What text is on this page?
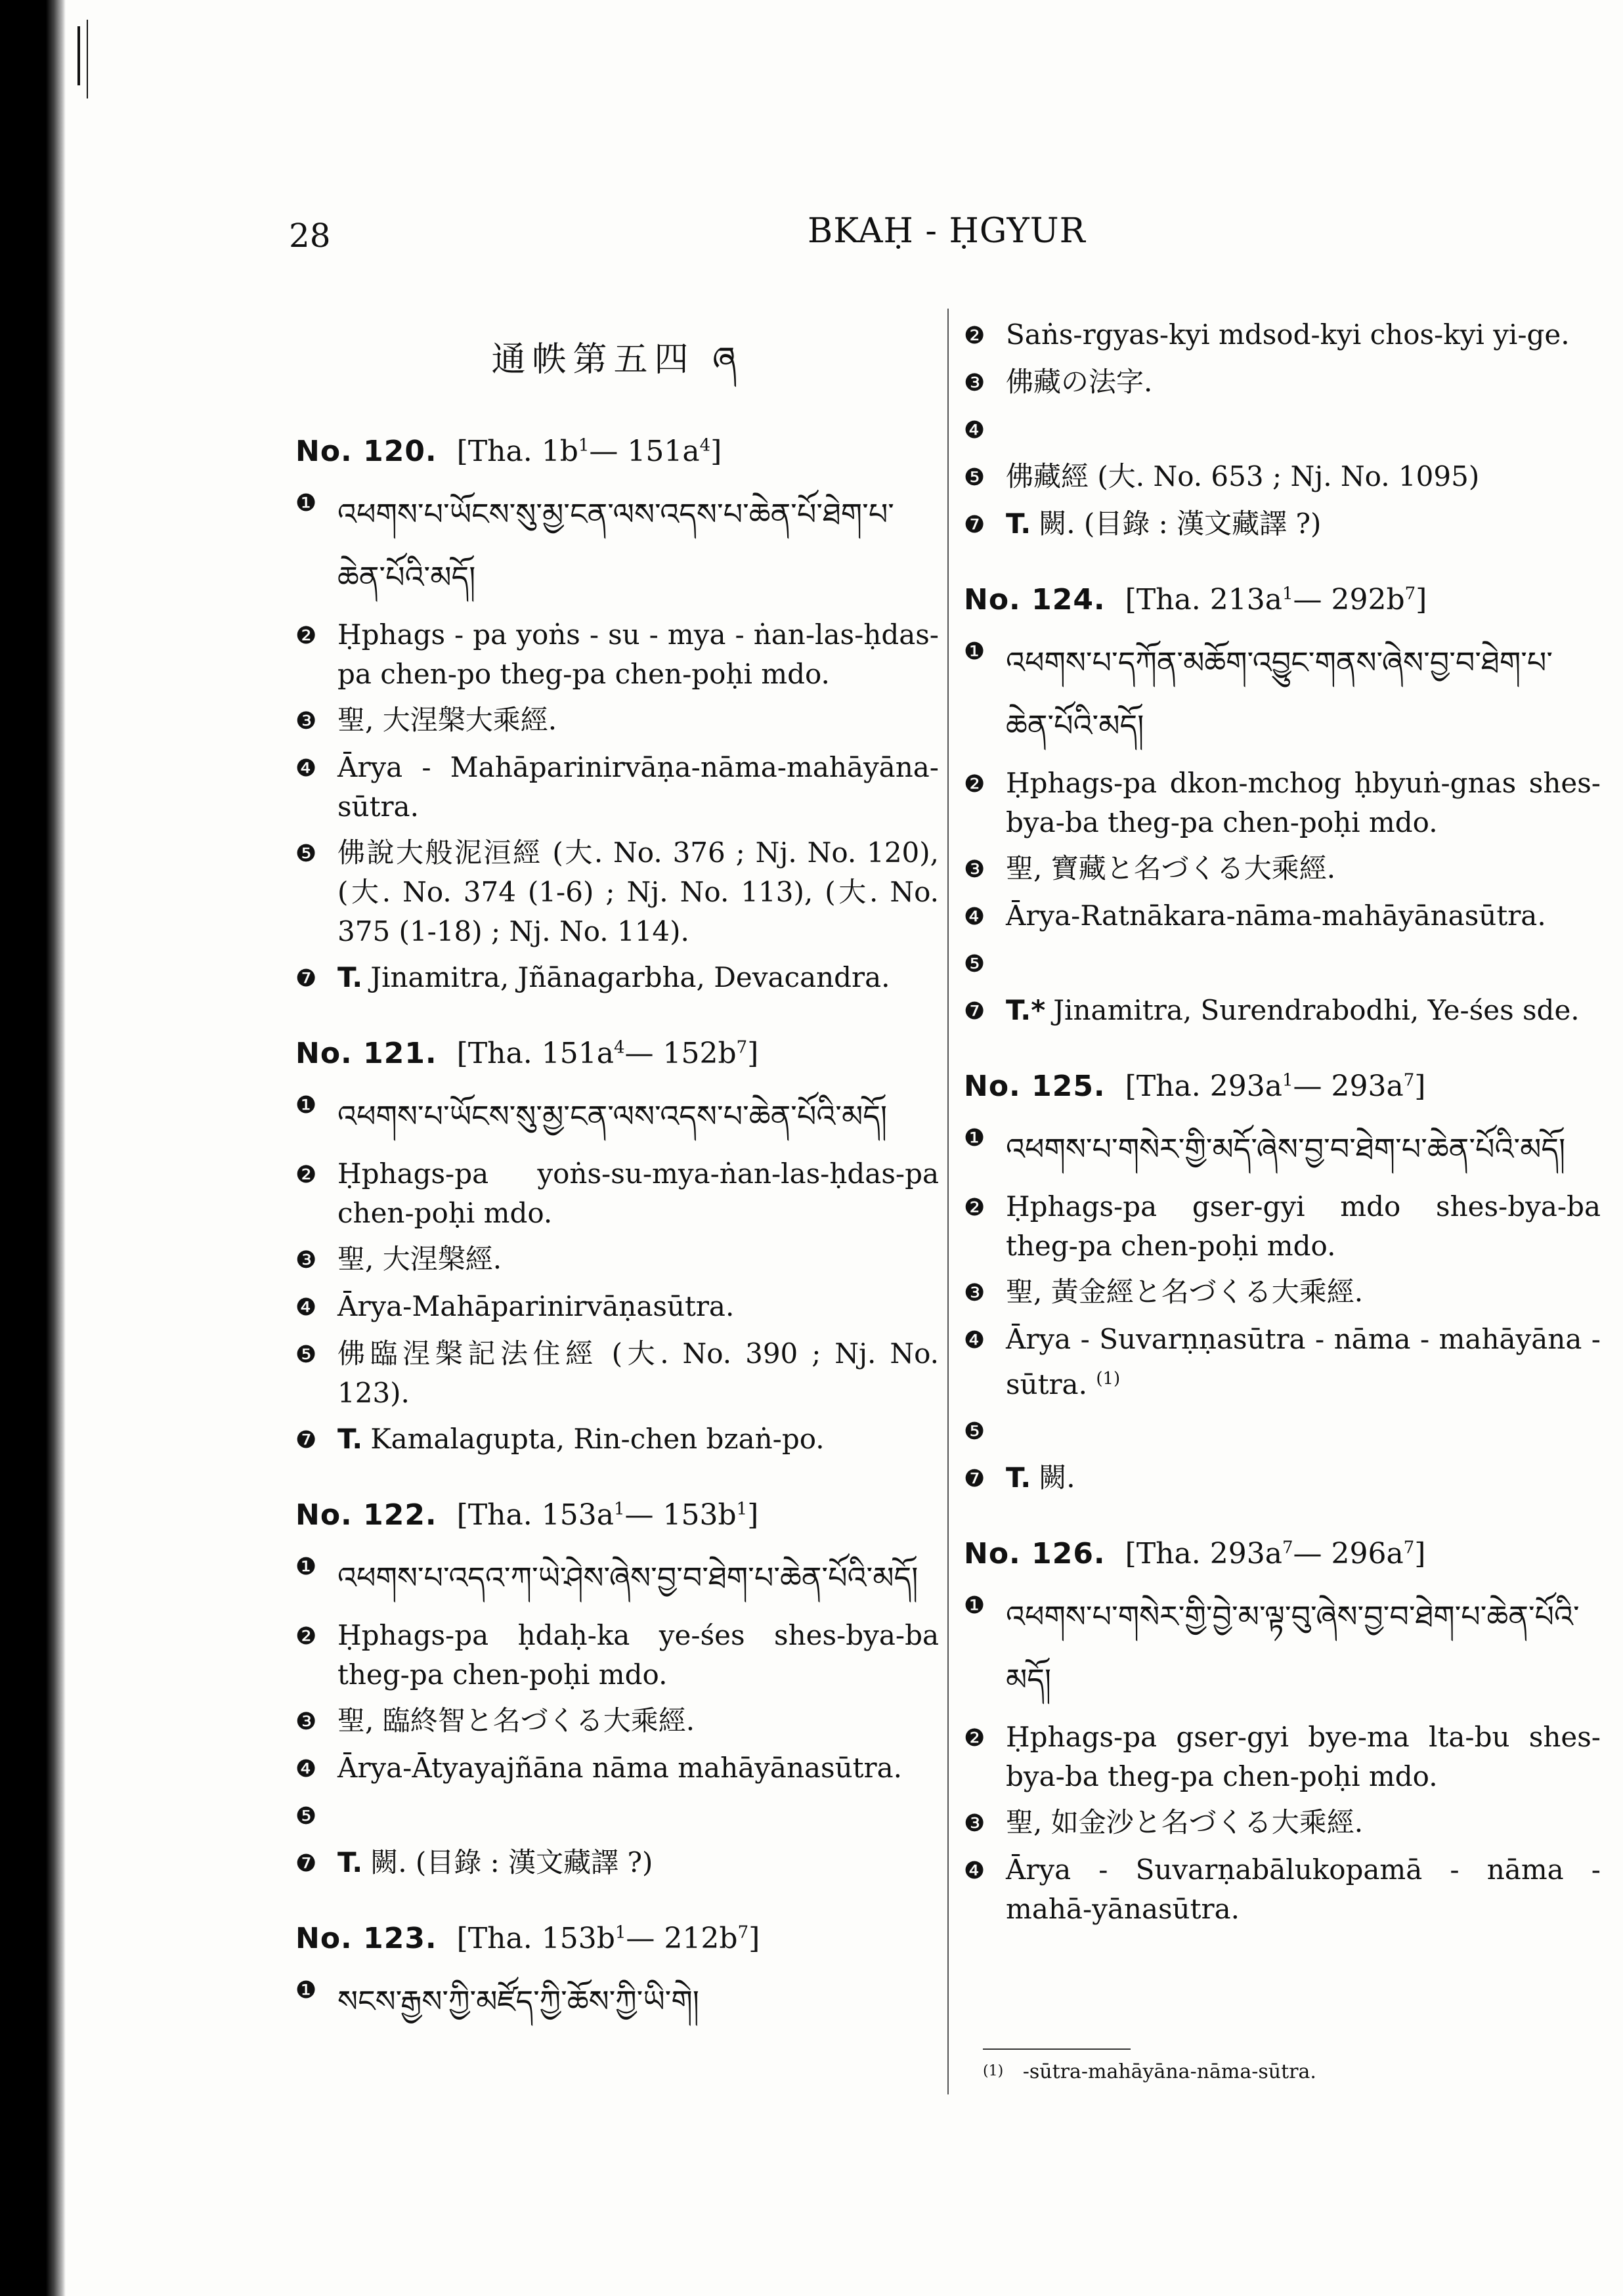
28	BKAḤ - ḤGYUR
通帙第五四 ཞ
No. 120. [Tha. $1b^1—$ $151a^4$]
❶ འཕགས་པ་ཡོངས་སུ་མྱ་ངན་ལས་འདས་པ་ཆེན་པོ་ཐེག་པ་ཆེན་པོའི་མདོ།
❷ Ḥphags - pa yoṅs - su - mya - ṅan-las-ḥdas-pa chen-po theg-pa chen-poḥi mdo.
❸ 聖, 大涅槃大乘經.
❹ Ārya - Mahāparinirvāṇa-nāma-mahāyāna-sūtra.
❺ 佛說大般泥洹經 (大. No. 376 ; Nj. No. 120), (大. No. 374 (1-6) ; Nj. No. 113), (大. No. 375 (1-18) ; Nj. No. 114).
❼ T. Jinamitra, Jñānagarbha, Devacandra.
No. 121. [Tha. $151a^4—$ $152b^7$]
❶ འཕགས་པ་ཡོངས་སུ་མྱ་ངན་ལས་འདས་པ་ཆེན་པོའི་མདོ།
❷ Ḥphags-pa yoṅs-su-mya-ṅan-las-ḥdas-pa chen-poḥi mdo.
❸ 聖, 大涅槃經.
❹ Ārya-Mahāparinirvāṇasūtra.
❺ 佛臨涅槃記法住經 (大. No. 390 ; Nj. No. 123).
❼ T. Kamalagupta, Rin-chen bzaṅ-po.
No. 122. [Tha. $153a^1—$ $153b^1$]
❶ འཕགས་པ་འདའ་ཀ་ཡེ་ཤེས་ཞེས་བྱ་བ་ཐེག་པ་ཆེན་པོའི་མདོ།
❷ Ḥphags-pa ḥdaḥ-ka ye-śes shes-bya-ba theg-pa chen-poḥi mdo.
❸ 聖, 臨終智と名づくる大乘經.
❹ Ārya-Ātyayajñāna nāma mahāyānasūtra.
❺
❼ T. 闕. (目錄 : 漢文藏譯 ?)
No. 123. [Tha. $153b^1—$ $212b^7$]
❶ སངས་རྒྱས་ཀྱི་མཛོད་ཀྱི་ཆོས་ཀྱི་ཡི་གེ།
❷ Saṅs-rgyas-kyi mdsod-kyi chos-kyi yi-ge.
❸ 佛藏の法字.
❹
❺ 佛藏經 (大. No. 653 ; Nj. No. 1095)
❼ T. 闕. (目錄 : 漢文藏譯 ?)
No. 124. [Tha. $213a^1—$ $292b^7$]
❶ འཕགས་པ་དཀོན་མཆོག་འབྱུང་གནས་ཞེས་བྱ་བ་ཐེག་པ་ཆེན་པོའི་མདོ།
❷ Ḥphags-pa dkon-mchog ḥbyuṅ-gnas shes-bya-ba theg-pa chen-poḥi mdo.
❸ 聖, 寶藏と名づくる大乘經.
❹ Ārya-Ratnākara-nāma-mahāyānasūtra.
❺
❼ T.* Jinamitra, Surendrabodhi, Ye-śes sde.
No. 125. [Tha. $293a^1—$ $293a^7$]
❶ འཕགས་པ་གསེར་གྱི་མདོ་ཞེས་བྱ་བ་ཐེག་པ་ཆེན་པོའི་མདོ།
❷ Ḥphags-pa gser-gyi mdo shes-bya-ba theg-pa chen-poḥi mdo.
❸ 聖, 黃金經と名づくる大乘經.
❹ Ārya - Suvarṇṇasūtra - nāma - mahāyāna - sūtra. $^{(1)}$
❺
❼ T. 闕.
No. 126. [Tha. $293a^7—$ $296a^7$]
❶ འཕགས་པ་གསེར་གྱི་བྱེ་མ་ལྟ་བུ་ཞེས་བྱ་བ་ཐེག་པ་ཆེན་པོའི་མདོ།
❷ Ḥphags-pa gser-gyi bye-ma lta-bu shes-bya-ba theg-pa chen-poḥi mdo.
❸ 聖, 如金沙と名づくる大乘經.
❹ Ārya - Suvarṇabālukopamā - nāma - mahā-yānasūtra.
(1) -sūtra-mahāyāna-nāma-sūtra.
